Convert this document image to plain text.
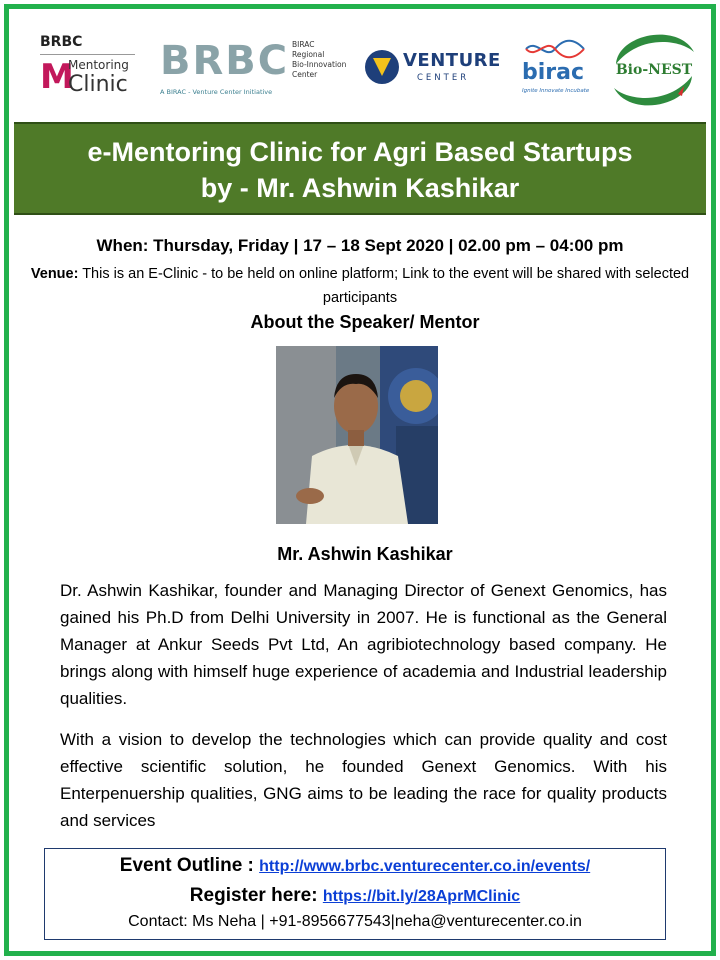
BRBC
M
Mentoring
Clinic
BRBC BIRAC
Regional
Bio-Innovation
Center
A BIRAC - Venture Center Initiative
VENTURE
CENTER birac
Ignite Innovate Incubate
Bio-NEST
e-Mentoring Clinic for Agri Based Startups
by - Mr. Ashwin Kashikar
When: Thursday, Friday | 17 – 18 Sept 2020 | 02.00 pm – 04:00 pm
Venue: This is an E-Clinic - to be held on online platform; Link to the event will be shared with selected participants
About the Speaker/ Mentor
Mr. Ashwin Kashikar
Dr. Ashwin Kashikar, founder and Managing Director of Genext Genomics, has gained his Ph.D from Delhi University in 2007. He is functional as the General Manager at Ankur Seeds Pvt Ltd, An agribiotechnology based company. He brings along with himself huge experience of academia and Industrial leadership qualities.
With a vision to develop the technologies which can provide quality and cost effective scientific solution, he founded Genext Genomics. With his Enterpenuership qualities, GNG aims to be leading the race for quality products and services
Event Outline : http://www.brbc.venturecenter.co.in/events/
Register here: https://bit.ly/28AprMClinic
Contact: Ms Neha | +91-8956677543|neha@venturecenter.co.in
